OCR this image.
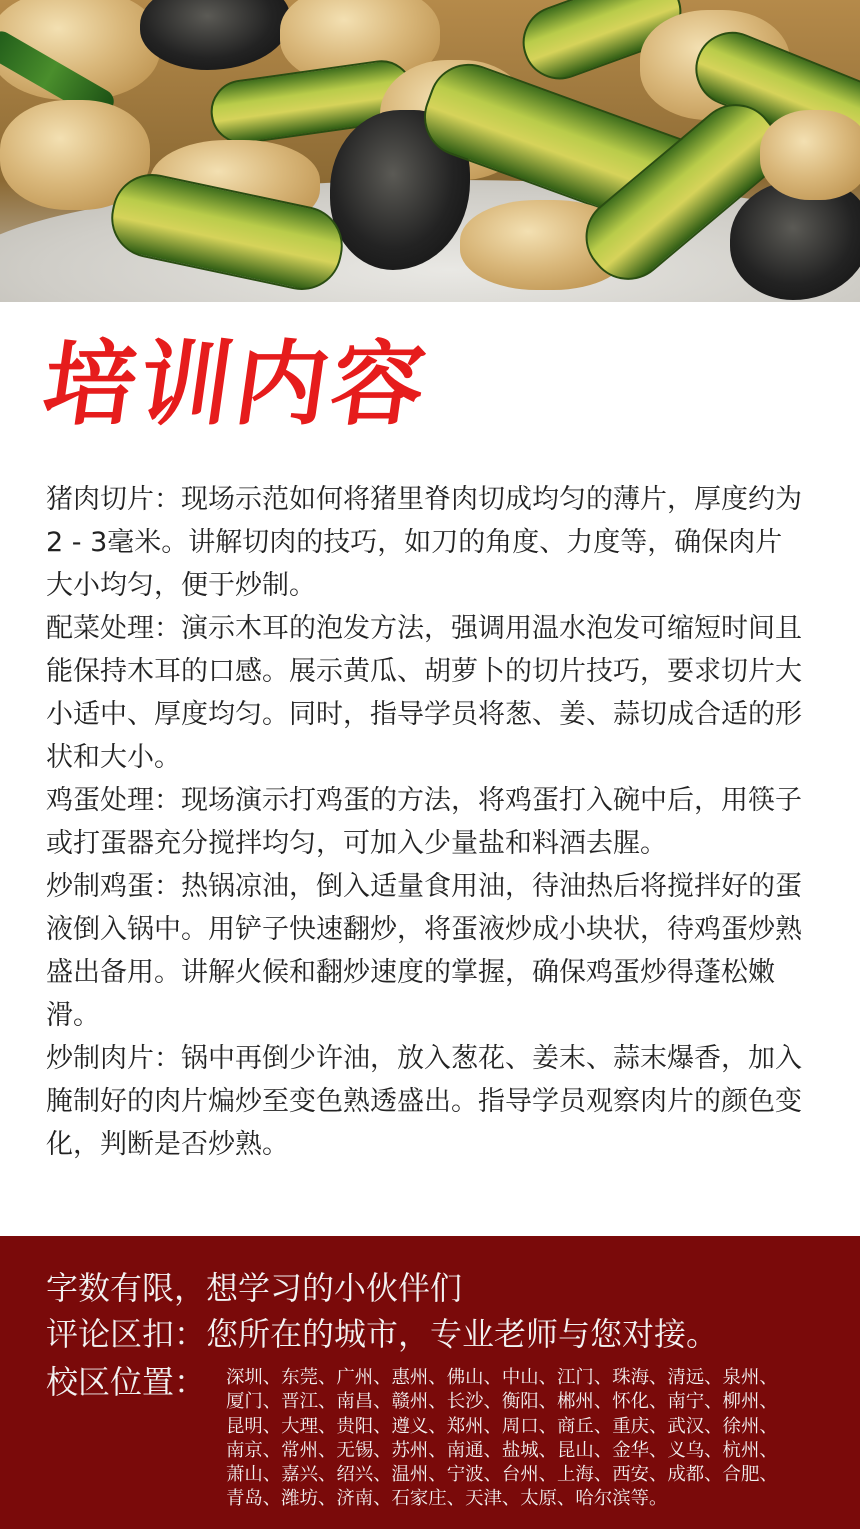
培训内容

猪肉切片：现场示范如何将猪里脊肉切成均匀的薄片，厚度约为2 - 3毫米。讲解切肉的技巧，如刀的角度、力度等，确保肉片大小均匀，便于炒制。

配菜处理：演示木耳的泡发方法，强调用温水泡发可缩短时间且能保持木耳的口感。展示黄瓜、胡萝卜的切片技巧，要求切片大小适中、厚度均匀。同时，指导学员将葱、姜、蒜切成合适的形状和大小。

鸡蛋处理：现场演示打鸡蛋的方法，将鸡蛋打入碗中后，用筷子或打蛋器充分搅拌均匀，可加入少量盐和料酒去腥。

炒制鸡蛋：热锅凉油，倒入适量食用油，待油热后将搅拌好的蛋液倒入锅中。用铲子快速翻炒，将蛋液炒成小块状，待鸡蛋炒熟盛出备用。讲解火候和翻炒速度的掌握，确保鸡蛋炒得蓬松嫩滑。

炒制肉片：锅中再倒少许油，放入葱花、姜末、蒜末爆香，加入腌制好的肉片煸炒至变色熟透盛出。指导学员观察肉片的颜色变化，判断是否炒熟。

字数有限，想学习的小伙伴们
评论区扣：您所在的城市，专业老师与您对接。
校区位置： 深圳、东莞、广州、惠州、佛山、中山、江门、珠海、清远、泉州、
厦门、晋江、南昌、赣州、长沙、衡阳、郴州、怀化、南宁、柳州、
昆明、大理、贵阳、遵义、郑州、周口、商丘、重庆、武汉、徐州、
南京、常州、无锡、苏州、南通、盐城、昆山、金华、义乌、杭州、
萧山、嘉兴、绍兴、温州、宁波、台州、上海、西安、成都、合肥、
青岛、潍坊、济南、石家庄、天津、太原、哈尔滨等。
